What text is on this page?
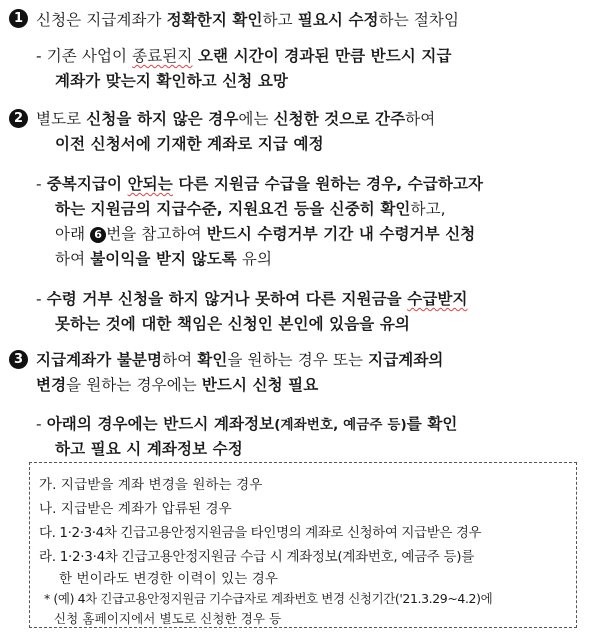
1 신청은 지급계좌가 정확한지 확인하고 필요시 수정하는 절차임
- 기존 사업이 종료된지 오랜 시간이 경과된 만큼 반드시 지급
계좌가 맞는지 확인하고 신청 요망
2 별도로 신청을 하지 않은 경우에는 신청한 것으로 간주하여
이전 신청서에 기재한 계좌로 지급 예정
- 중복지급이 안되는 다른 지원금 수급을 원하는 경우, 수급하고자
하는 지원금의 지급수준, 지원요건 등을 신중히 확인하고,
아래 6 번을 참고하여 반드시 수령거부 기간 내 수령거부 신청
하여 불이익을 받지 않도록 유의
- 수령 거부 신청을 하지 않거나 못하여 다른 지원금을 수급받지
못하는 것에 대한 책임은 신청인 본인에 있음을 유의
3 지급계좌가 불분명하여 확인을 원하는 경우 또는 지급계좌의
변경을 원하는 경우에는 반드시 신청 필요
- 아래의 경우에는 반드시 계좌정보(계좌번호, 예금주 등)를 확인
하고 필요 시 계좌정보 수정
가. 지급받을 계좌 변경을 원하는 경우
나. 지급받은 계좌가 압류된 경우
다. 1·2·3·4차 긴급고용안정지원금을 타인명의 계좌로 신청하여 지급받은 경우
라. 1·2·3·4차 긴급고용안정지원금 수급 시 계좌정보(계좌번호, 예금주 등)를
한 번이라도 변경한 이력이 있는 경우
* (예) 4차 긴급고용안정지원금 기수급자로 계좌번호 변경 신청기간('21.3.29~4.2)에
신청 홈페이지에서 별도로 신청한 경우 등
